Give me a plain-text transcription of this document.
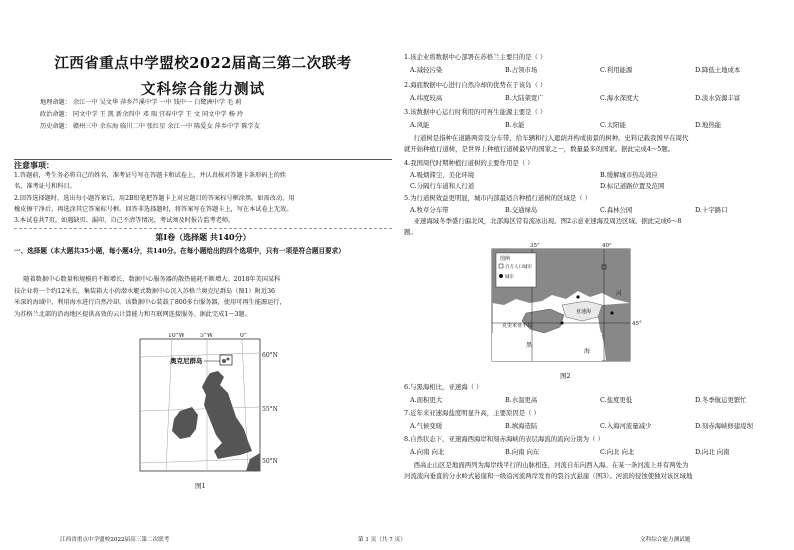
江西省重点中学盟校2022届高三第二次联考
文科综合能力测试
地理命题： 余江一中 吴文华 萍乡芦溪中学 一中 钱中一 白鹭洲中学 毛 莉
政治命题： 同文中学 王 凯 新余四中 邓 瑞 宜春中学 王 文 同文中学 杨 玲
历史命题： 赣州三中 余东海 临川二中 张红星 余江一中 陈爱女 萍乡中学 陈学友
注意事项：
1.答题前，考生务必将自己的姓名、准考证号写在答题卡和试卷上，并认真核对答题卡条形码上的姓
名、准考证号和科目。
2.回答选择题时，选出每小题答案后，用2B铅笔把答题卡上对应题目的答案标号框涂黑。如需改动，用
橡皮擦干净后，再选涂其它答案标号框。回答非选择题时，将答案写在答题卡上，写在本试卷上无效。
3.本试卷共7页。如遇缺页、漏印、自己不清等情况，考试须及时报告监考老师。
第Ⅰ卷（选择题 共140分）
一、选择题（本大题共35小题，每小题4分，共140分。在每小题给出的四个选项中，只有一项是符合题目要求）
随着数据中心数量和规模的不断增长，数据中心服务器的散热能耗不断增大。2018年美国某科
技企业将一个约12米长、集装箱大小的潜水艇式数据中心沉入苏格兰奥克尼群岛（图1）附近36
米深的海域中，利用海水进行自然冷却。该数据中心装载了800多台服务器，使用可再生能源运行，
为苏格兰北部的沿海地区提供高效的云计算能力和互联网连接服务。据此完成1～3题。
10°W	5°W	0°
60°N
55°N
50°N
奥克尼群岛
图1
1.该企业将数据中心部署在苏格兰主要目的是（ ）
A.减轻污染	B.占领市场	C.利用能源	D.降低土地成本
2.海底数据中心进行自然冷却的优势在于该岛（ ）
A.纬度较高	B.大陆架宽广	C.海水深度大	D.淡水资源丰富
3.该数据中心运行时利用的可再生能源主要是（ ）
A.风能	B.水能	C.太阳能	D.地热能
行道树是指种在道路两旁及分车带，给车辆和行人遮荫并构成街景的树种。史料记载我国早在周代
就开始种植行道树，是世界上种植行道树最早的国家之一，数量最多的国家。据此完成4～5题。
4.我国周代时期种植行道树的主要作用是（ ）
A.吸烟滞尘，美化环境	B.缓解城市热岛效应
C.分隔行车道和人行道	D.标记道路位置及范围
5.为行道树效益更明显，城市内部最适合种植行道树的区域是（ ）
A.牧草分车带	B.交通绿岛	C.森林公园	D.十字路口
亚速海域冬季盛行偏北风，北部海区常有流冰出现。图2示意亚速海及周边区域。据此完成6～8
题。
图例
百万人口城市
城市
35°	40°
45°
亚速海
克里米亚半岛
黑
海
河
图2
6.与黑海相比，亚速海（ ）
A.面积更大	B.水温更高	C.盐度更低	D.冬季航运更繁忙
7.近年来亚速海盐度明显升高，主要原因是（ ）
A.气候变暖	B.填海造陆	C.入海河流量减少	D.刻赤海峡修建堤坝
8.自然状态下，亚速海西海岸和刻赤海峡的表层海流的流向分别为（ ）
A.向南 向北	B.向南 向东	C.向北 向北	D.向北 向南
西高止山区是地面两列为海岸线平行的山脉相连，河流自东向西入海。在某一条河流上并有两处为
河流流向垂直的分水岭式悬崖和一级沿河流两岸发育的裂谷式悬崖（图3）。河流的侵蚀使独对该区域地
江西省重点中学盟校2022届高三第二次联考	第 1 页（共 7 页）	文科综合能力测试题
